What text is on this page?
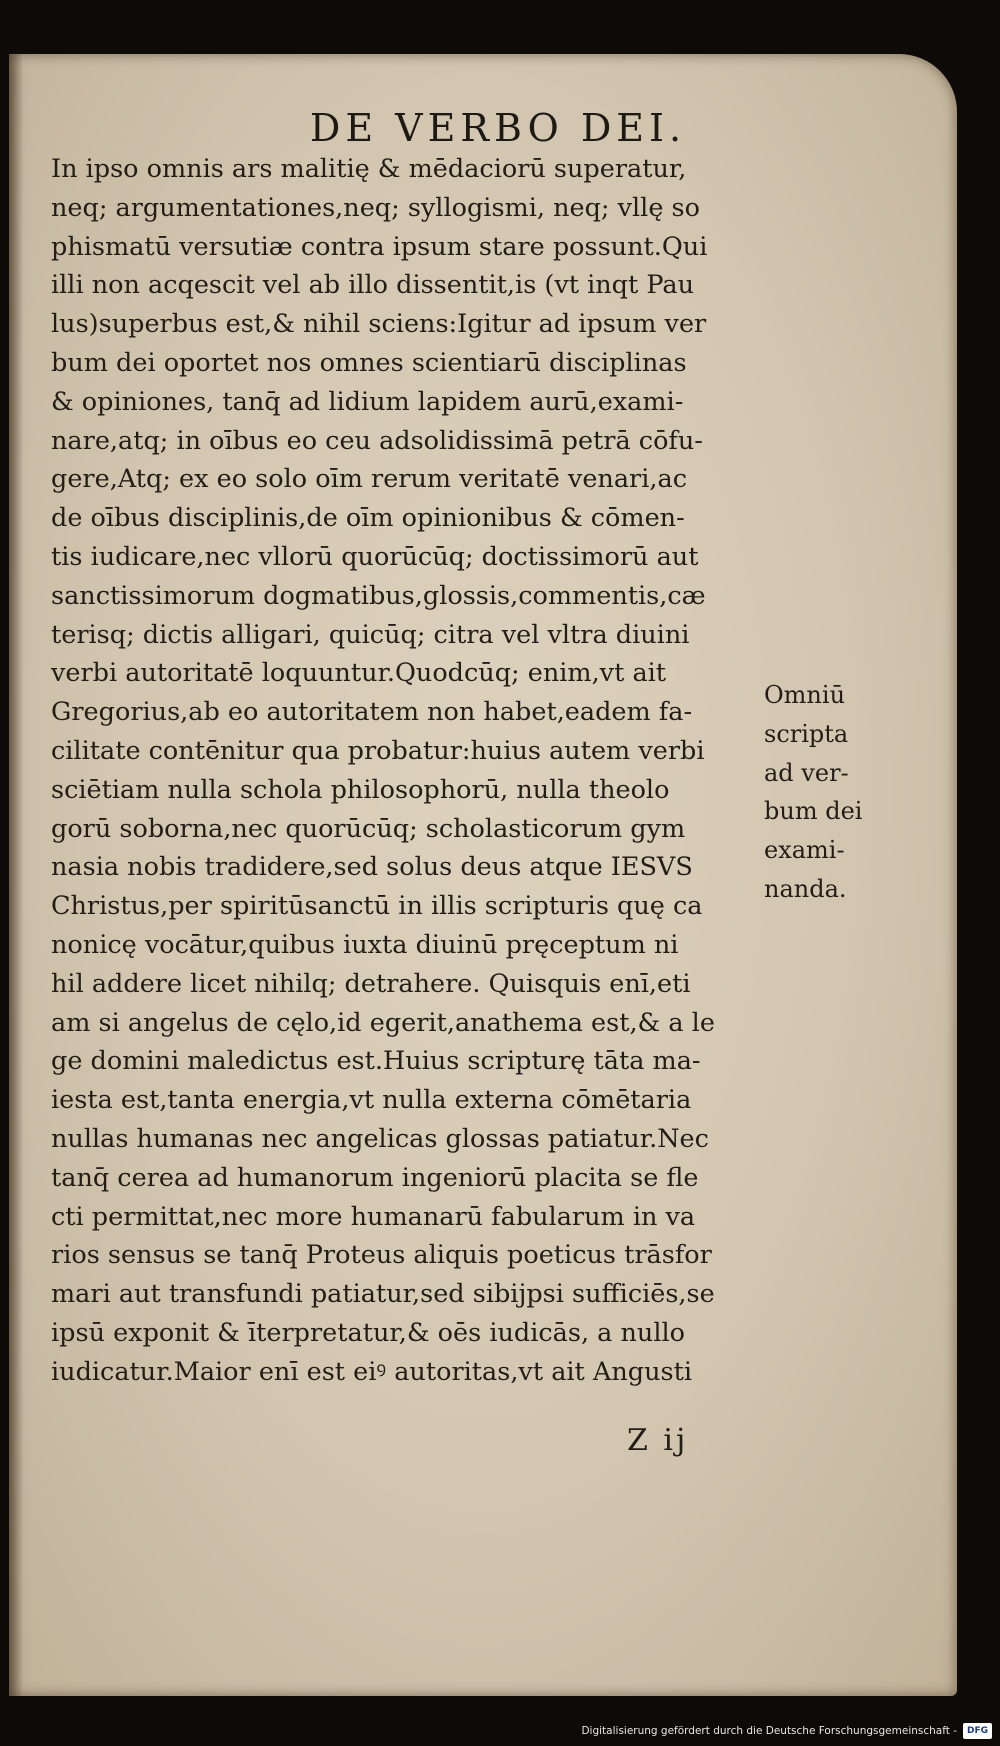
DE VERBO DEI.
In ipso omnis ars malitię & mēdaciorū superatur,
neq; argumentationes,neq; syllogismi, neq; vllę so
phismatū versutiæ contra ipsum stare possunt.Qui
illi non acqescit vel ab illo dissentit,is (vt inqt Pau
lus)superbus est,& nihil sciens:Igitur ad ipsum ver
bum dei oportet nos omnes scientiarū disciplinas
& opiniones, tanq̄ ad lidium lapidem aurū,exami-
nare,atq; in oībus eo ceu adsolidissimā petrā cōfu-
gere,Atq; ex eo solo oīm rerum veritatē venari,ac
de oībus disciplinis,de oīm opinionibus & cōmen-
tis iudicare,nec vllorū quorūcūq; doctissimorū aut
sanctissimorum dogmatibus,glossis,commentis,cæ
terisq; dictis alligari, quicūq; citra vel vltra diuini
verbi autoritatē loquuntur.Quodcūq; enim,vt ait
Gregorius,ab eo autoritatem non habet,eadem fa-
cilitate contēnitur qua probatur:huius autem verbi
sciētiam nulla schola philosophorū, nulla theolo
gorū soborna,nec quorūcūq; scholasticorum gym
nasia nobis tradidere,sed solus deus atque IESVS
Christus,per spiritūsanctū in illis scripturis quę ca
nonicę vocātur,quibus iuxta diuinū pręceptum ni
hil addere licet nihilq; detrahere. Quisquis enī,eti
am si angelus de cęlo,id egerit,anathema est,& a le
ge domini maledictus est.Huius scripturę tāta ma-
iesta est,tanta energia,vt nulla externa cōmētaria
nullas humanas nec angelicas glossas patiatur.Nec
tanq̄ cerea ad humanorum ingeniorū placita se fle
cti permittat,nec more humanarū fabularum in va
rios sensus se tanq̄ Proteus aliquis poeticus trāsfor
mari aut transfundi patiatur,sed sibijpsi sufficiēs,se
ipsū exponit & īterpretatur,& oēs iudicās, a nullo
iudicatur.Maior enī est eiꝰ autoritas,vt ait Angusti
Omniū
scripta
ad ver-
bum dei
exami-
nanda.
Z ij
Digitalisierung gefördert durch die Deutsche Forschungsgemeinschaft -	DFG
